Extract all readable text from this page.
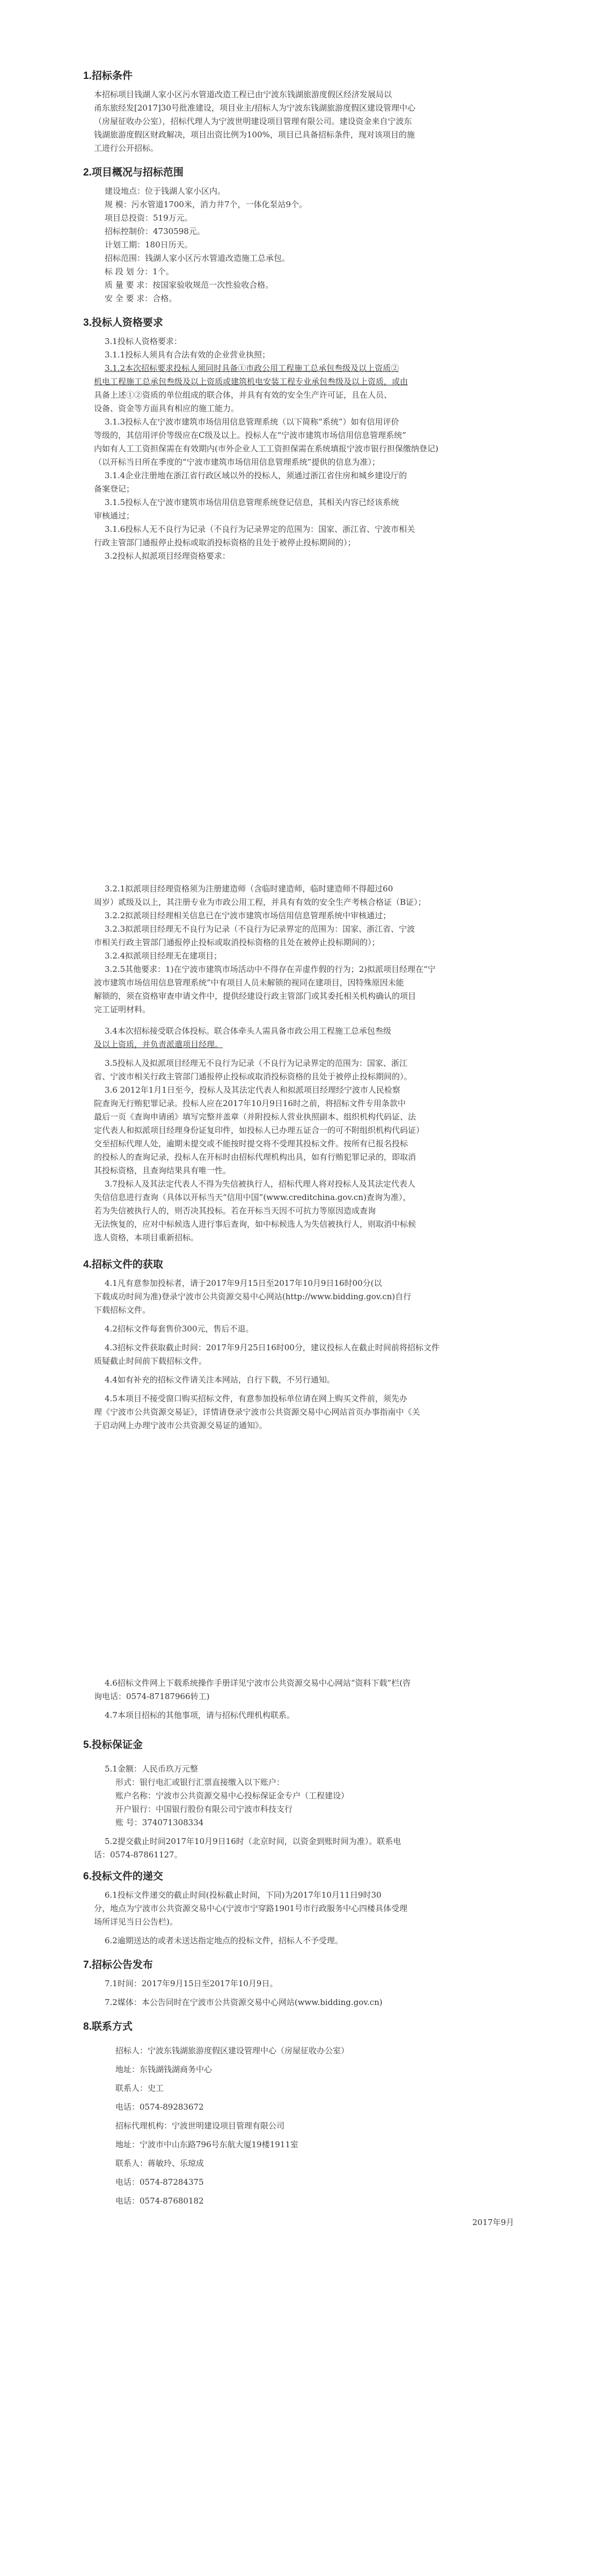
1.招标条件
本招标项目钱湖人家小区污水管道改造工程已由宁波东钱湖旅游度假区经济发展局以
甬东旅经发[2017]30号批准建设，项目业主/招标人为宁波东钱湖旅游度假区建设管理中心
（房屋征收办公室），招标代理人为宁波世明建设项目管理有限公司。建设资金来自宁波东
钱湖旅游度假区财政解决，项目出资比例为100%，项目已具备招标条件，现对该项目的施
工进行公开招标。
2.项目概况与招标范围
建设地点：位于钱湖人家小区内。
规 模：污水管道1700米，消力井7个，一体化泵站9个。
项目总投资：519万元。
招标控制价：4730598元。
计划工期：180日历天。
招标范围：钱湖人家小区污水管道改造施工总承包。
标 段 划 分：1个。
质 量 要 求：按国家验收规范一次性验收合格。
安 全 要 求：合格。
3.投标人资格要求
3.1投标人资格要求：
3.1.1投标人须具有合法有效的企业营业执照；
3.1.2本次招标要求投标人须同时具备①市政公用工程施工总承包叁级及以上资质②
机电工程施工总承包叁级及以上资质或建筑机电安装工程专业承包叁级及以上资质，或由
具备上述①②资质的单位组成的联合体，并具有有效的安全生产许可证，且在人员、
设备、资金等方面具有相应的施工能力。
3.1.3投标人在宁波市建筑市场信用信息管理系统（以下简称“系统”）如有信用评价
等级的，其信用评价等级应在C级及以上。投标人在“宁波市建筑市场信用信息管理系统”
内如有人工工资担保需在有效期内(市外企业人工工资担保需在系统填报宁波市银行担保缴纳登记)
（以开标当日所在季度的“宁波市建筑市场信用信息管理系统”提供的信息为准）；
3.1.4企业注册地在浙江省行政区域以外的投标人，须通过浙江省住房和城乡建设厅的
备案登记；
3.1.5投标人在宁波市建筑市场信用信息管理系统登记信息，其相关内容已经该系统
审核通过；
3.1.6投标人无不良行为记录（不良行为记录界定的范围为：国家、浙江省、宁波市相关
行政主管部门通报停止投标或取消投标资格的且处于被停止投标期间的）；
3.2投标人拟派项目经理资格要求：
3.2.1拟派项目经理资格须为注册建造师（含临时建造师，临时建造师不得超过60
周岁）贰级及以上，其注册专业为市政公用工程，并具有有效的安全生产考核合格证（B证）；
3.2.2拟派项目经理相关信息已在宁波市建筑市场信用信息管理系统中审核通过；
3.2.3拟派项目经理无不良行为记录（不良行为记录界定的范围为：国家、浙江省、宁波
市相关行政主管部门通报停止投标或取消投标资格的且处在被停止投标期间的）；
3.2.4拟派项目经理无在建项目；
3.2.5其他要求：1)在宁波市建筑市场活动中不得存在弄虚作假的行为；2)拟派项目经理在“宁
波市建筑市场信用信息管理系统”中有项目人员未解锁的视同在建项目，因特殊原因未能
解锁的，须在资格审查申请文件中，提供经建设行政主管部门或其委托相关机构确认的项目
完工证明材料。
3.4本次招标接受联合体投标。联合体牵头人需具备市政公用工程施工总承包叁级
及以上资质，并负责派遣项目经理。
3.5投标人及拟派项目经理无不良行为记录（不良行为记录界定的范围为：国家、浙江
省、宁波市相关行政主管部门通报停止投标或取消投标资格的且处于被停止投标期间的）。
3.6 2012年1月1日至今，投标人及其法定代表人和拟派项目经理经宁波市人民检察
院查询无行贿犯罪记录。投标人应在2017年10月9日16时之前，将招标文件专用条款中
最后一页《查询申请函》填写完整并盖章（并附投标人营业执照副本、组织机构代码证、法
定代表人和拟派项目经理身份证复印件，如投标人已办理五证合一的可不附组织机构代码证）
交至招标代理人处，逾期未提交或不能按时提交将不受理其投标文件。按所有已报名投标
的投标人的查询记录，投标人在开标时由招标代理机构出具，如有行贿犯罪记录的，即取消
其投标资格，且查询结果具有唯一性。
3.7投标人及其法定代表人不得为失信被执行人，招标代理人将对投标人及其法定代表人
失信信息进行查询（具体以开标当天“信用中国”(www.creditchina.gov.cn)查询为准），
若为失信被执行人的，则否决其投标。若在开标当天因不可抗力等原因造成查询
无法恢复的，应对中标候选人进行事后查询，如中标候选人为失信被执行人，则取消中标候
选人资格，本项目重新招标。
4.招标文件的获取
4.1凡有意参加投标者，请于2017年9月15日至2017年10月9日16时00分(以
下载成功时间为准)登录宁波市公共资源交易中心网站(http://www.bidding.gov.cn)自行
下载招标文件。
4.2招标文件每套售价300元，售后不退。
4.3招标文件获取截止时间：2017年9月25日16时00分，建议投标人在截止时间前将招标文件
质疑截止时间前下载招标文件。
4.4如有补充的招标文件请关注本网站，自行下载，不另行通知。
4.5本项目不接受窗口购买招标文件，有意参加投标单位请在网上购买文件前，须先办
理《宁波市公共资源交易证》，详情请登录宁波市公共资源交易中心网站首页办事指南中《关
于启动网上办理宁波市公共资源交易证的通知》。
4.6招标文件网上下载系统操作手册详见宁波市公共资源交易中心网站“资料下载”栏(咨
询电话：0574-87187966转工)
4.7本项目招标的其他事项，请与招标代理机构联系。
5.投标保证金
5.1金额：人民币玖万元整
形式：银行电汇或银行汇票直接缴入以下账户：
账户名称：宁波市公共资源交易中心投标保证金专户（工程建设）
开户银行：中国银行股份有限公司宁波市科技支行
账 号：374071308334
5.2提交截止时间2017年10月9日16时（北京时间，以资金到账时间为准）。联系电
话：0574-87861127。
6.投标文件的递交
6.1投标文件递交的截止时间(投标截止时间，下同)为2017年10月11日9时30
分，地点为宁波市公共资源交易中心(宁波市宁穿路1901号市行政服务中心四楼具体受理
场所详见当日公告栏)。
6.2逾期送达的或者未送达指定地点的投标文件，招标人不予受理。
7.招标公告发布
7.1时间：2017年9月15日至2017年10月9日。
7.2媒体：本公告同时在宁波市公共资源交易中心网站(www.bidding.gov.cn)
8.联系方式
招标人：宁波东钱湖旅游度假区建设管理中心（房屋征收办公室）
地址：东钱湖钱湖商务中心
联系人：史工
电话：0574-89283672
招标代理机构：宁波世明建设项目管理有限公司
地址：宁波市中山东路796号东航大厦19楼1911室
联系人：蒋敏玲、乐琼成
电话：0574-87284375
电话：0574-87680182
2017年9月
